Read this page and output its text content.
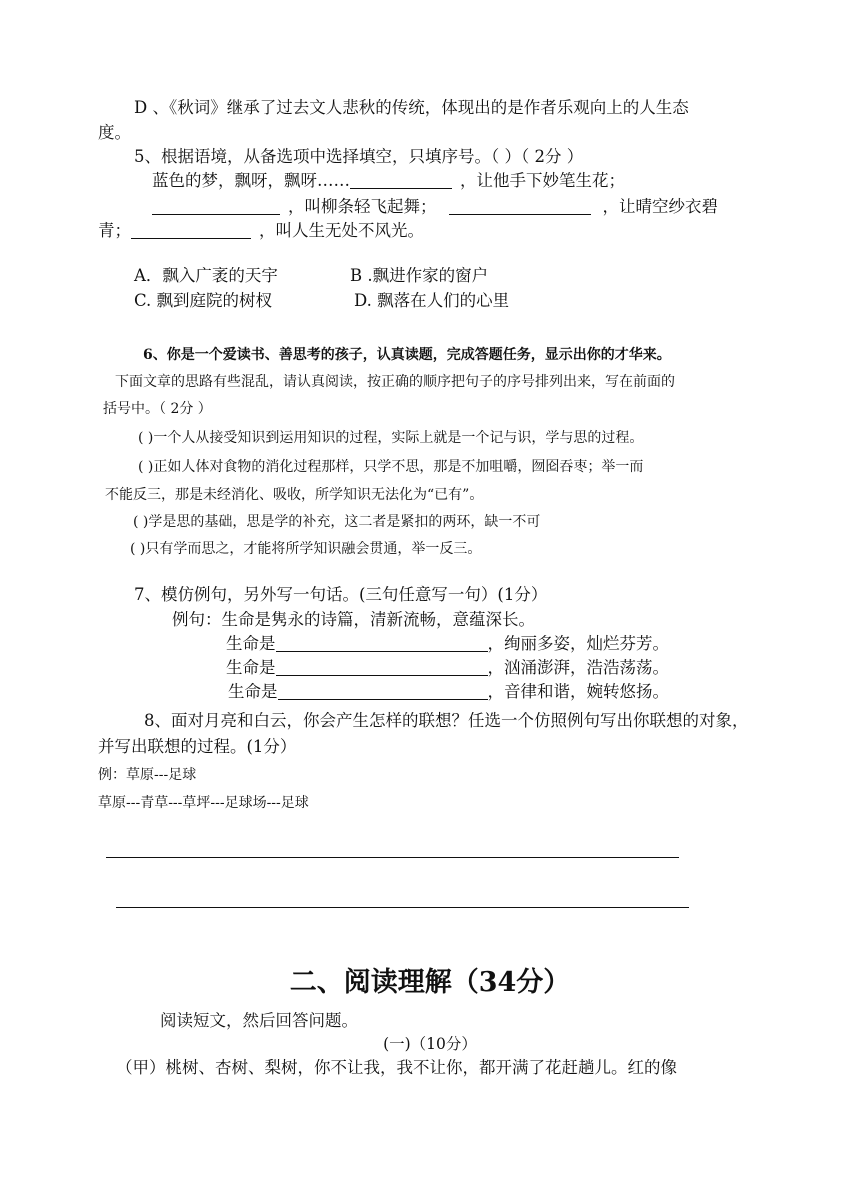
D 、《秋词》继承了过去文人悲秋的传统，体现出的是作者乐观向上的人生态
度。
5、根据语境，从备选项中选择填空，只填序号。（ ）（ 2分 ）
蓝色的梦，飘呀，飘呀……	，让他手下妙笔生花；
，叫柳条轻飞起舞；	，让晴空纱衣碧
青；	，叫人生无处不风光。
A．飘入广袤的天宇	B .飘进作家的窗户
C. 飘到庭院的树杈	D. 飘落在人们的心里
6、你是一个爱读书、善思考的孩子，认真读题，完成答题任务，显示出你的才华来。
下面文章的思路有些混乱，请认真阅读，按正确的顺序把句子的序号排列出来，写在前面的
括号中。（ 2分 ）
( )一个人从接受知识到运用知识的过程，实际上就是一个记与识，学与思的过程。
( )正如人体对食物的消化过程那样，只学不思，那是不加咀嚼，囫囵吞枣；举一而
不能反三，那是未经消化、吸收，所学知识无法化为“已有”。
( )学是思的基础，思是学的补充，这二者是紧扣的两环，缺一不可
( )只有学而思之，才能将所学知识融会贯通，举一反三。
7、模仿例句，另外写一句话。(三句任意写一句）(1分）
例句：生命是隽永的诗篇，清新流畅，意蕴深长。
生命是	，绚丽多姿，灿烂芬芳。
生命是	，汹涌澎湃，浩浩荡荡。
生命是	，音律和谐，婉转悠扬。
8、面对月亮和白云，你会产生怎样的联想？任选一个仿照例句写出你联想的对象，
并写出联想的过程。(1分）
例：草原---足球
草原---青草---草坪---足球场---足球
二、阅读理解（34分）
阅读短文，然后回答问题。
(一)（10分）
（甲）桃树、杏树、梨树，你不让我，我不让你，都开满了花赶趟儿。红的像
